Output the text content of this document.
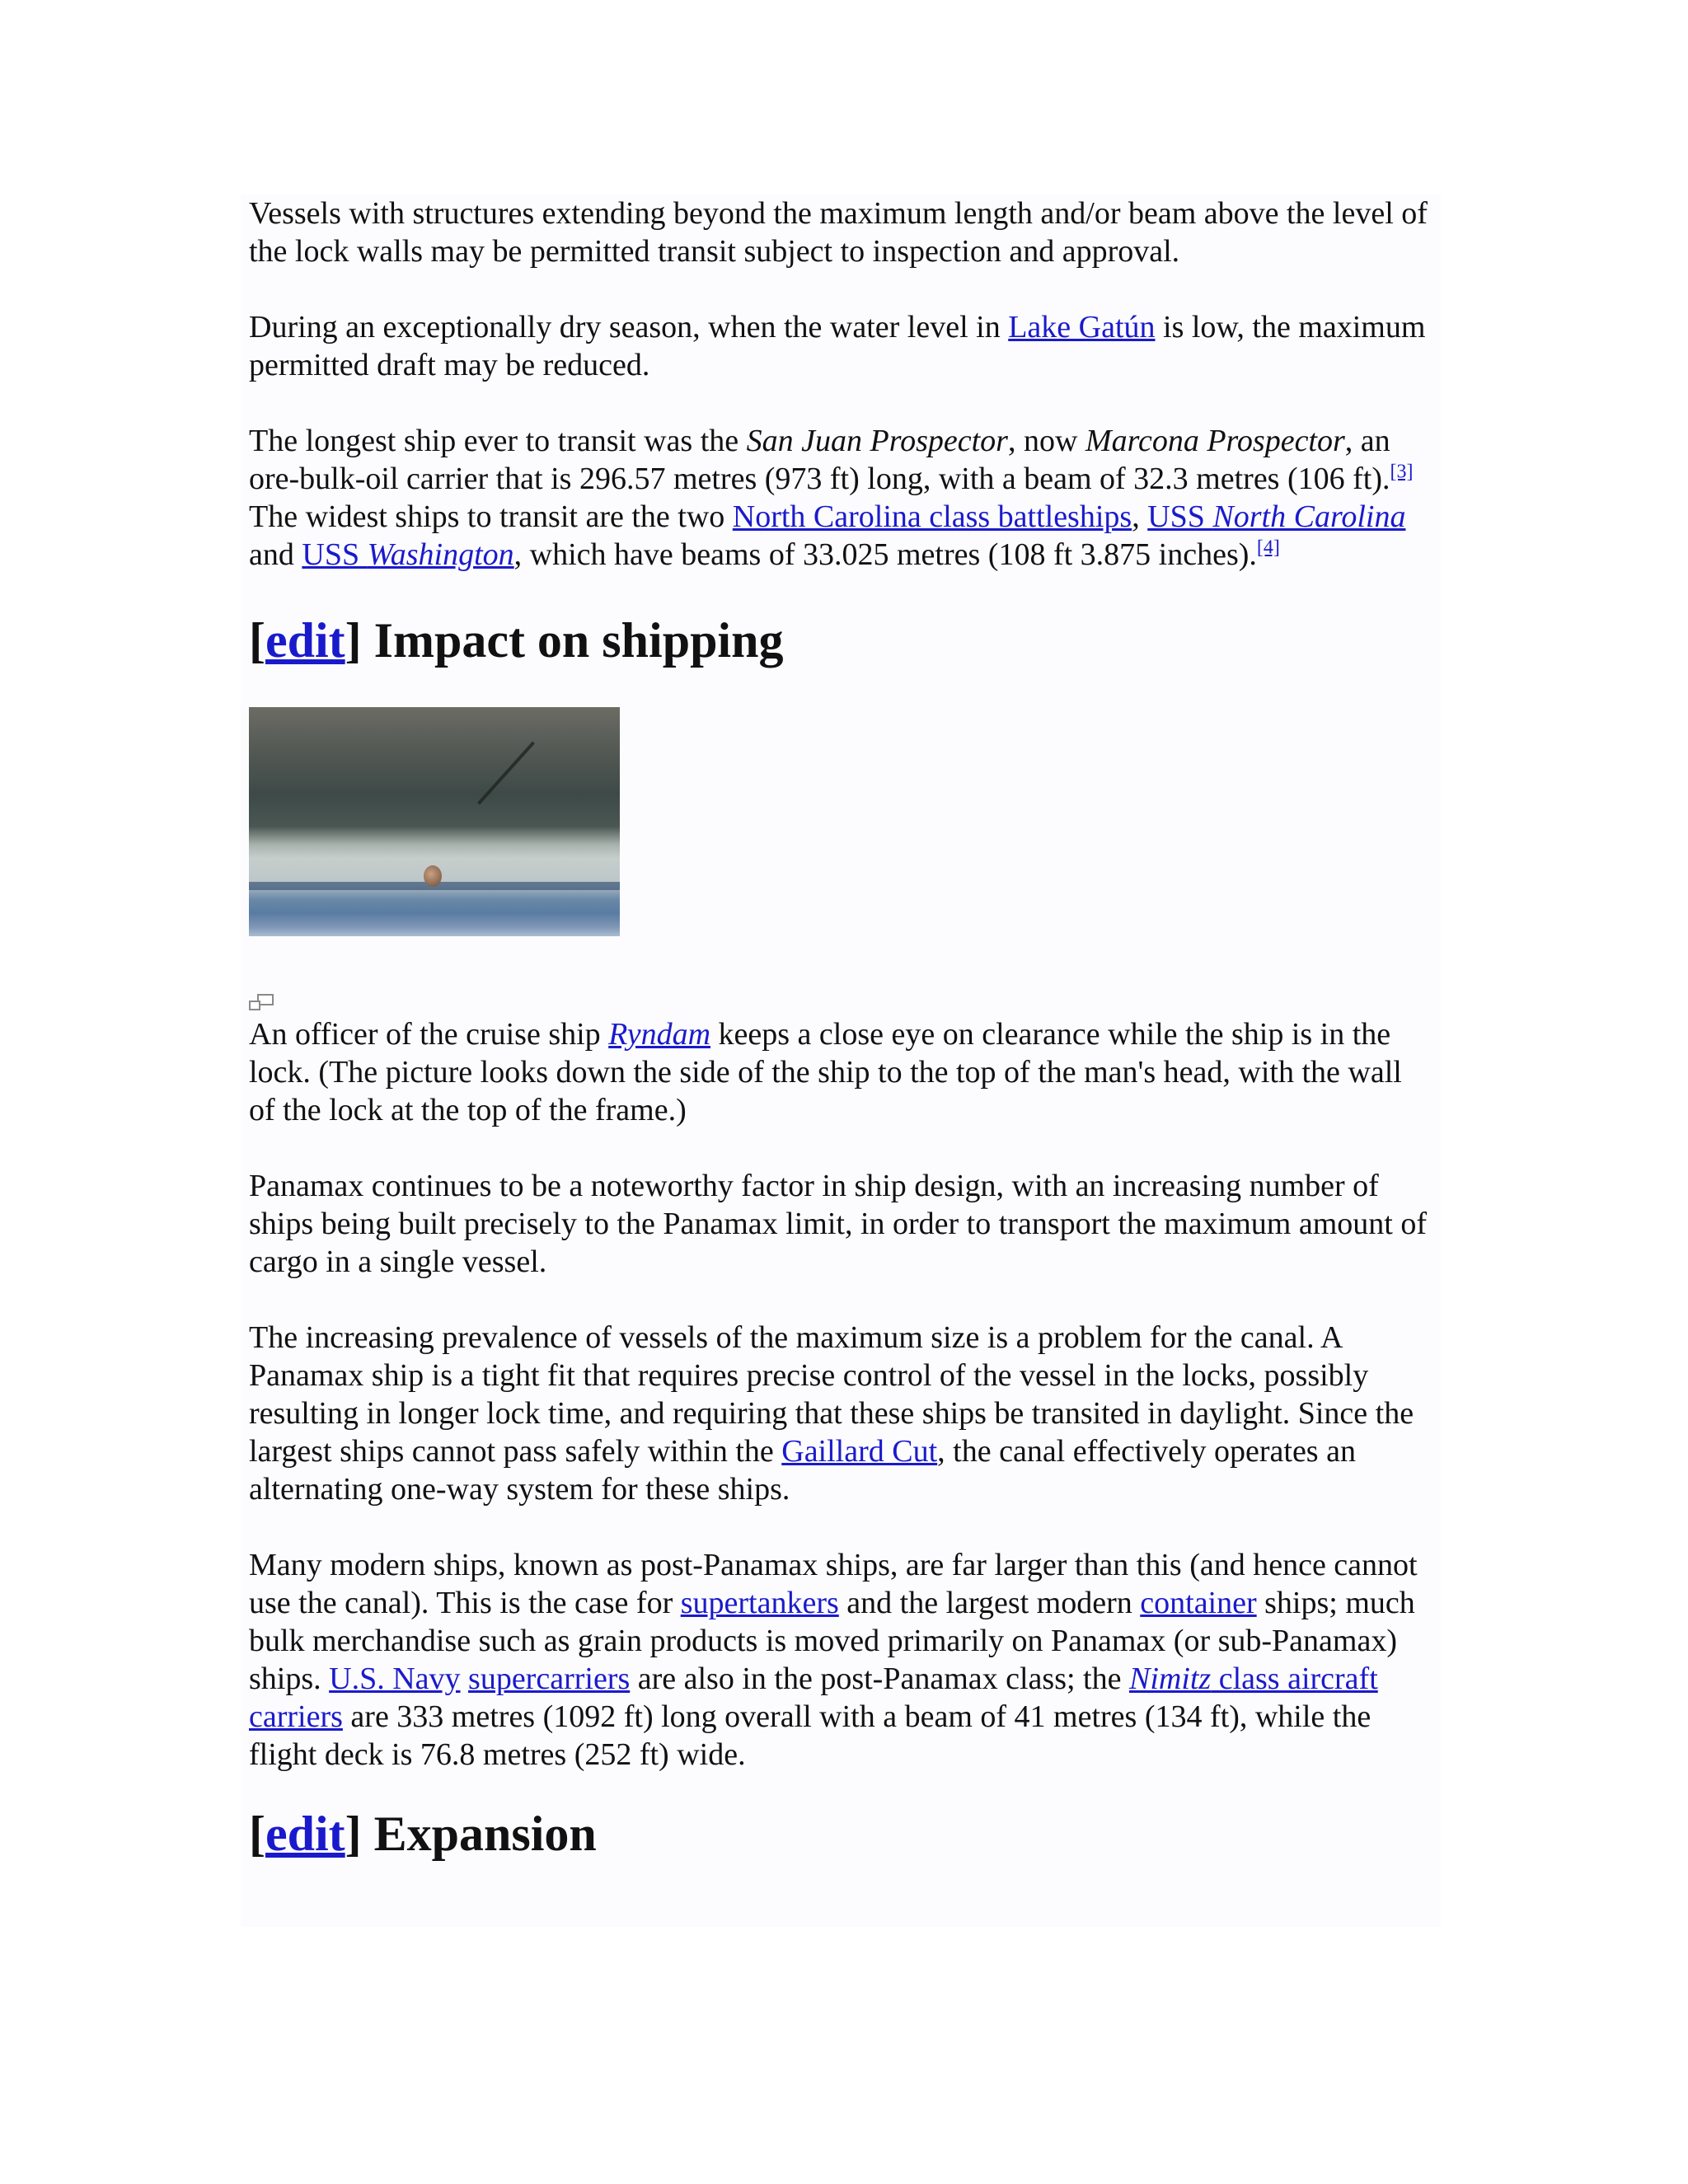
Vessels with structures extending beyond the maximum length and/or beam above the level of the lock walls may be permitted transit subject to inspection and approval.

During an exceptionally dry season, when the water level in Lake Gatún is low, the maximum permitted draft may be reduced.

The longest ship ever to transit was the San Juan Prospector, now Marcona Prospector, an ore-bulk-oil carrier that is 296.57 metres (973 ft) long, with a beam of 32.3 metres (106 ft).[3] The widest ships to transit are the two North Carolina class battleships, USS North Carolina and USS Washington, which have beams of 33.025 metres (108 ft 3.875 inches).[4]

[edit] Impact on shipping

An officer of the cruise ship Ryndam keeps a close eye on clearance while the ship is in the lock. (The picture looks down the side of the ship to the top of the man's head, with the wall of the lock at the top of the frame.)

Panamax continues to be a noteworthy factor in ship design, with an increasing number of ships being built precisely to the Panamax limit, in order to transport the maximum amount of cargo in a single vessel.

The increasing prevalence of vessels of the maximum size is a problem for the canal. A Panamax ship is a tight fit that requires precise control of the vessel in the locks, possibly resulting in longer lock time, and requiring that these ships be transited in daylight. Since the largest ships cannot pass safely within the Gaillard Cut, the canal effectively operates an alternating one-way system for these ships.

Many modern ships, known as post-Panamax ships, are far larger than this (and hence cannot use the canal). This is the case for supertankers and the largest modern container ships; much bulk merchandise such as grain products is moved primarily on Panamax (or sub-Panamax) ships. U.S. Navy supercarriers are also in the post-Panamax class; the Nimitz class aircraft carriers are 333 metres (1092 ft) long overall with a beam of 41 metres (134 ft), while the flight deck is 76.8 metres (252 ft) wide.

[edit] Expansion
